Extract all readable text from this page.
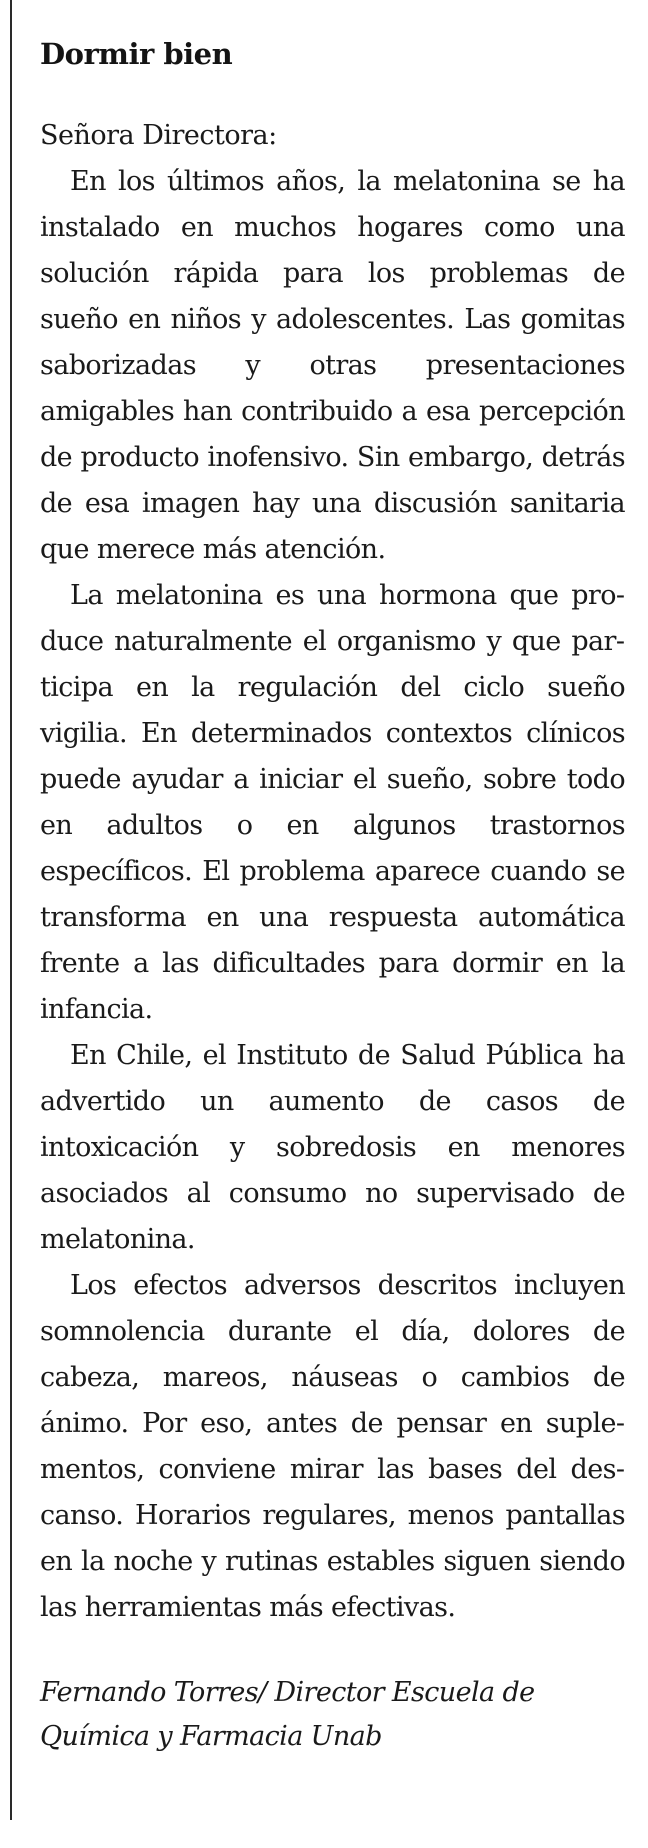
Dormir bien

Señora Directora:

En los últimos años, la melatonina se ha instalado en muchos hogares como una solución rápida para los problemas de sueño en niños y adolescentes. Las gomitas saborizadas y otras presentaciones amigables han contribuido a esa percepción de producto inofensivo. Sin embargo, detrás de esa imagen hay una discusión sanitaria que merece más atención.

La melatonina es una hormona que produce naturalmente el organismo y que participa en la regulación del ciclo sueño vigilia. En determinados contextos clínicos puede ayudar a iniciar el sueño, sobre todo en adultos o en algunos trastornos específicos. El problema aparece cuando se transforma en una respuesta automática frente a las dificultades para dormir en la infancia.

En Chile, el Instituto de Salud Pública ha advertido un aumento de casos de intoxicación y sobredosis en menores asociados al consumo no supervisado de melatonina.

Los efectos adversos descritos incluyen somnolencia durante el día, dolores de cabeza, mareos, náuseas o cambios de ánimo. Por eso, antes de pensar en suplementos, conviene mirar las bases del descanso. Horarios regulares, menos pantallas en la noche y rutinas estables siguen siendo las herramientas más efectivas.

Fernando Torres/ Director Escuela de
Química y Farmacia Unab
